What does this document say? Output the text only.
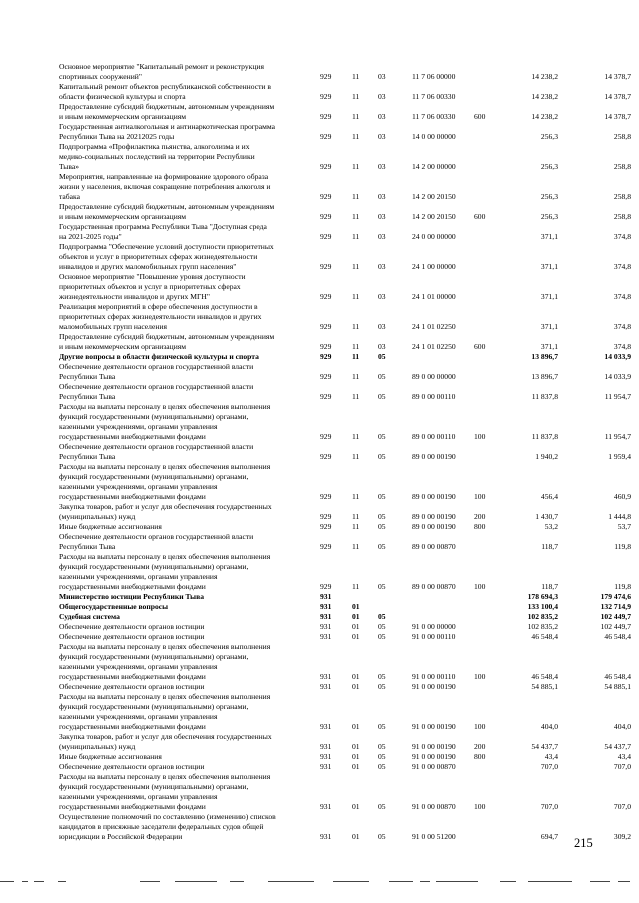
Основное мероприятие "Капитальный ремонт и реконструкция
спортивных сооружений"	929	11 03	11 7 06 00000	14 238,2	14 378,7
Капитальный ремонт объектов республиканской собственности в
области физической культуры и спорта	929	11 03	11 7 06 00330	14 238,2	14 378,7
Предоставление субсидий бюджетным, автономным учреждениям
и иным некоммерческим организациям	929	11 03	11 7 06 00330 600	14 238,2	14 378,7
Государственная антиалкогольная и антинаркотическая программа
Республики Тыва на 20212025 годы	929	11 03	14 0 00 00000	256,3	258,8
Подпрограмма «Профилактика пьянства, алкоголизма и их
медико-социальных последствий на территории Республики
Тыва»	929	11 03	14 2 00 00000	256,3	258,8
Мероприятия, направленные на формирование здорового образа
жизни у населения, включая сокращение потребления алкоголя и
табака	929	11 03	14 2 00 20150	256,3	258,8
Предоставление субсидий бюджетным, автономным учреждениям
и иным некоммерческим организациям	929	11 03	14 2 00 20150 600	256,3	258,8
Государственная программа Республики Тыва "Доступная среда
на 2021-2025 годы"	929	11 03	24 0 00 00000	371,1	374,8
Подпрограмма "Обеспечение условий доступности приоритетных
объектов и услуг в приоритетных сферах жизнедеятельности
инвалидов и других маломобильных групп населения"	929	11 03	24 1 00 00000	371,1	374,8
Основное мероприятие "Повышение уровня доступности
приоритетных объектов и услуг в приоритетных сферах
жизнедеятельности инвалидов и других МГН"	929	11 03	24 1 01 00000	371,1	374,8
Реализация мероприятий в сфере обеспечения доступности в
приоритетных сферах жизнедеятельности инвалидов и других
маломобильных групп населения	929	11 03	24 1 01 02250	371,1	374,8
Предоставление субсидий бюджетным, автономным учреждениям
и иным некоммерческим организациям	929	11 03	24 1 01 02250 600	371,1	374,8
Другие вопросы в области физической культуры и спорта	929	11 05	13 896,7	14 033,9
Обеспечение деятельности органов государственной власти
Республики Тыва	929	11 05	89 0 00 00000	13 896,7	14 033,9
Обеспечение деятельности органов государственной власти
Республики Тыва	929	11 05	89 0 00 00110	11 837,8	11 954,7
Расходы на выплаты персоналу в целях обеспечения выполнения
функций государственными (муниципальными) органами,
казенными учреждениями, органами управления
государственными внебюджетными фондами	929	11 05	89 0 00 00110 100	11 837,8	11 954,7
Обеспечение деятельности органов государственной власти
Республики Тыва	929	11 05	89 0 00 00190	1 940,2	1 959,4
Расходы на выплаты персоналу в целях обеспечения выполнения
функций государственными (муниципальными) органами,
казенными учреждениями, органами управления
государственными внебюджетными фондами	929	11 05	89 0 00 00190 100	456,4	460,9
Закупка товаров, работ и услуг для обеспечения государственных
(муниципальных) нужд	929	11 05	89 0 00 00190 200	1 430,7	1 444,8
Иные бюджетные ассигнования	929	11 05	89 0 00 00190 800	53,2	53,7
Обеспечение деятельности органов государственной власти
Республики Тыва	929	11 05	89 0 00 00870	118,7	119,8
Расходы на выплаты персоналу в целях обеспечения выполнения
функций государственными (муниципальными) органами,
казенными учреждениями, органами управления
государственными внебюджетными фондами	929	11 05	89 0 00 00870 100	118,7	119,8
Министерство юстиции Республики Тыва	931	178 694,3	179 474,6
Общегосударственные вопросы	931	01	133 100,4	132 714,9
Судебная система	931	01 05	102 835,2	102 449,7
Обеспечение деятельности органов юстиции	931	01 05	91 0 00 00000	102 835,2	102 449,7
Обеспечение деятельности органов юстиции	931	01 05	91 0 00 00110	46 548,4	46 548,4
Расходы на выплаты персоналу в целях обеспечения выполнения
функций государственными (муниципальными) органами,
казенными учреждениями, органами управления
государственными внебюджетными фондами	931	01 05	91 0 00 00110 100	46 548,4	46 548,4
Обеспечение деятельности органов юстиции	931	01 05	91 0 00 00190	54 885,1	54 885,1
Расходы на выплаты персоналу в целях обеспечения выполнения
функций государственными (муниципальными) органами,
казенными учреждениями, органами управления
государственными внебюджетными фондами	931	01 05	91 0 00 00190 100	404,0	404,0
Закупка товаров, работ и услуг для обеспечения государственных
(муниципальных) нужд	931	01 05	91 0 00 00190 200	54 437,7	54 437,7
Иные бюджетные ассигнования	931	01 05	91 0 00 00190 800	43,4	43,4
Обеспечение деятельности органов юстиции	931	01 05	91 0 00 00870	707,0	707,0
Расходы на выплаты персоналу в целях обеспечения выполнения
функций государственными (муниципальными) органами,
казенными учреждениями, органами управления
государственными внебюджетными фондами	931	01 05	91 0 00 00870 100	707,0	707,0
Осуществление полномочий по составлению (изменению) списков
кандидатов в присяжные заседатели федеральных судов общей
юрисдикции в Российской Федерации	931	01 05	91 0 00 51200	694,7	309,2
215
